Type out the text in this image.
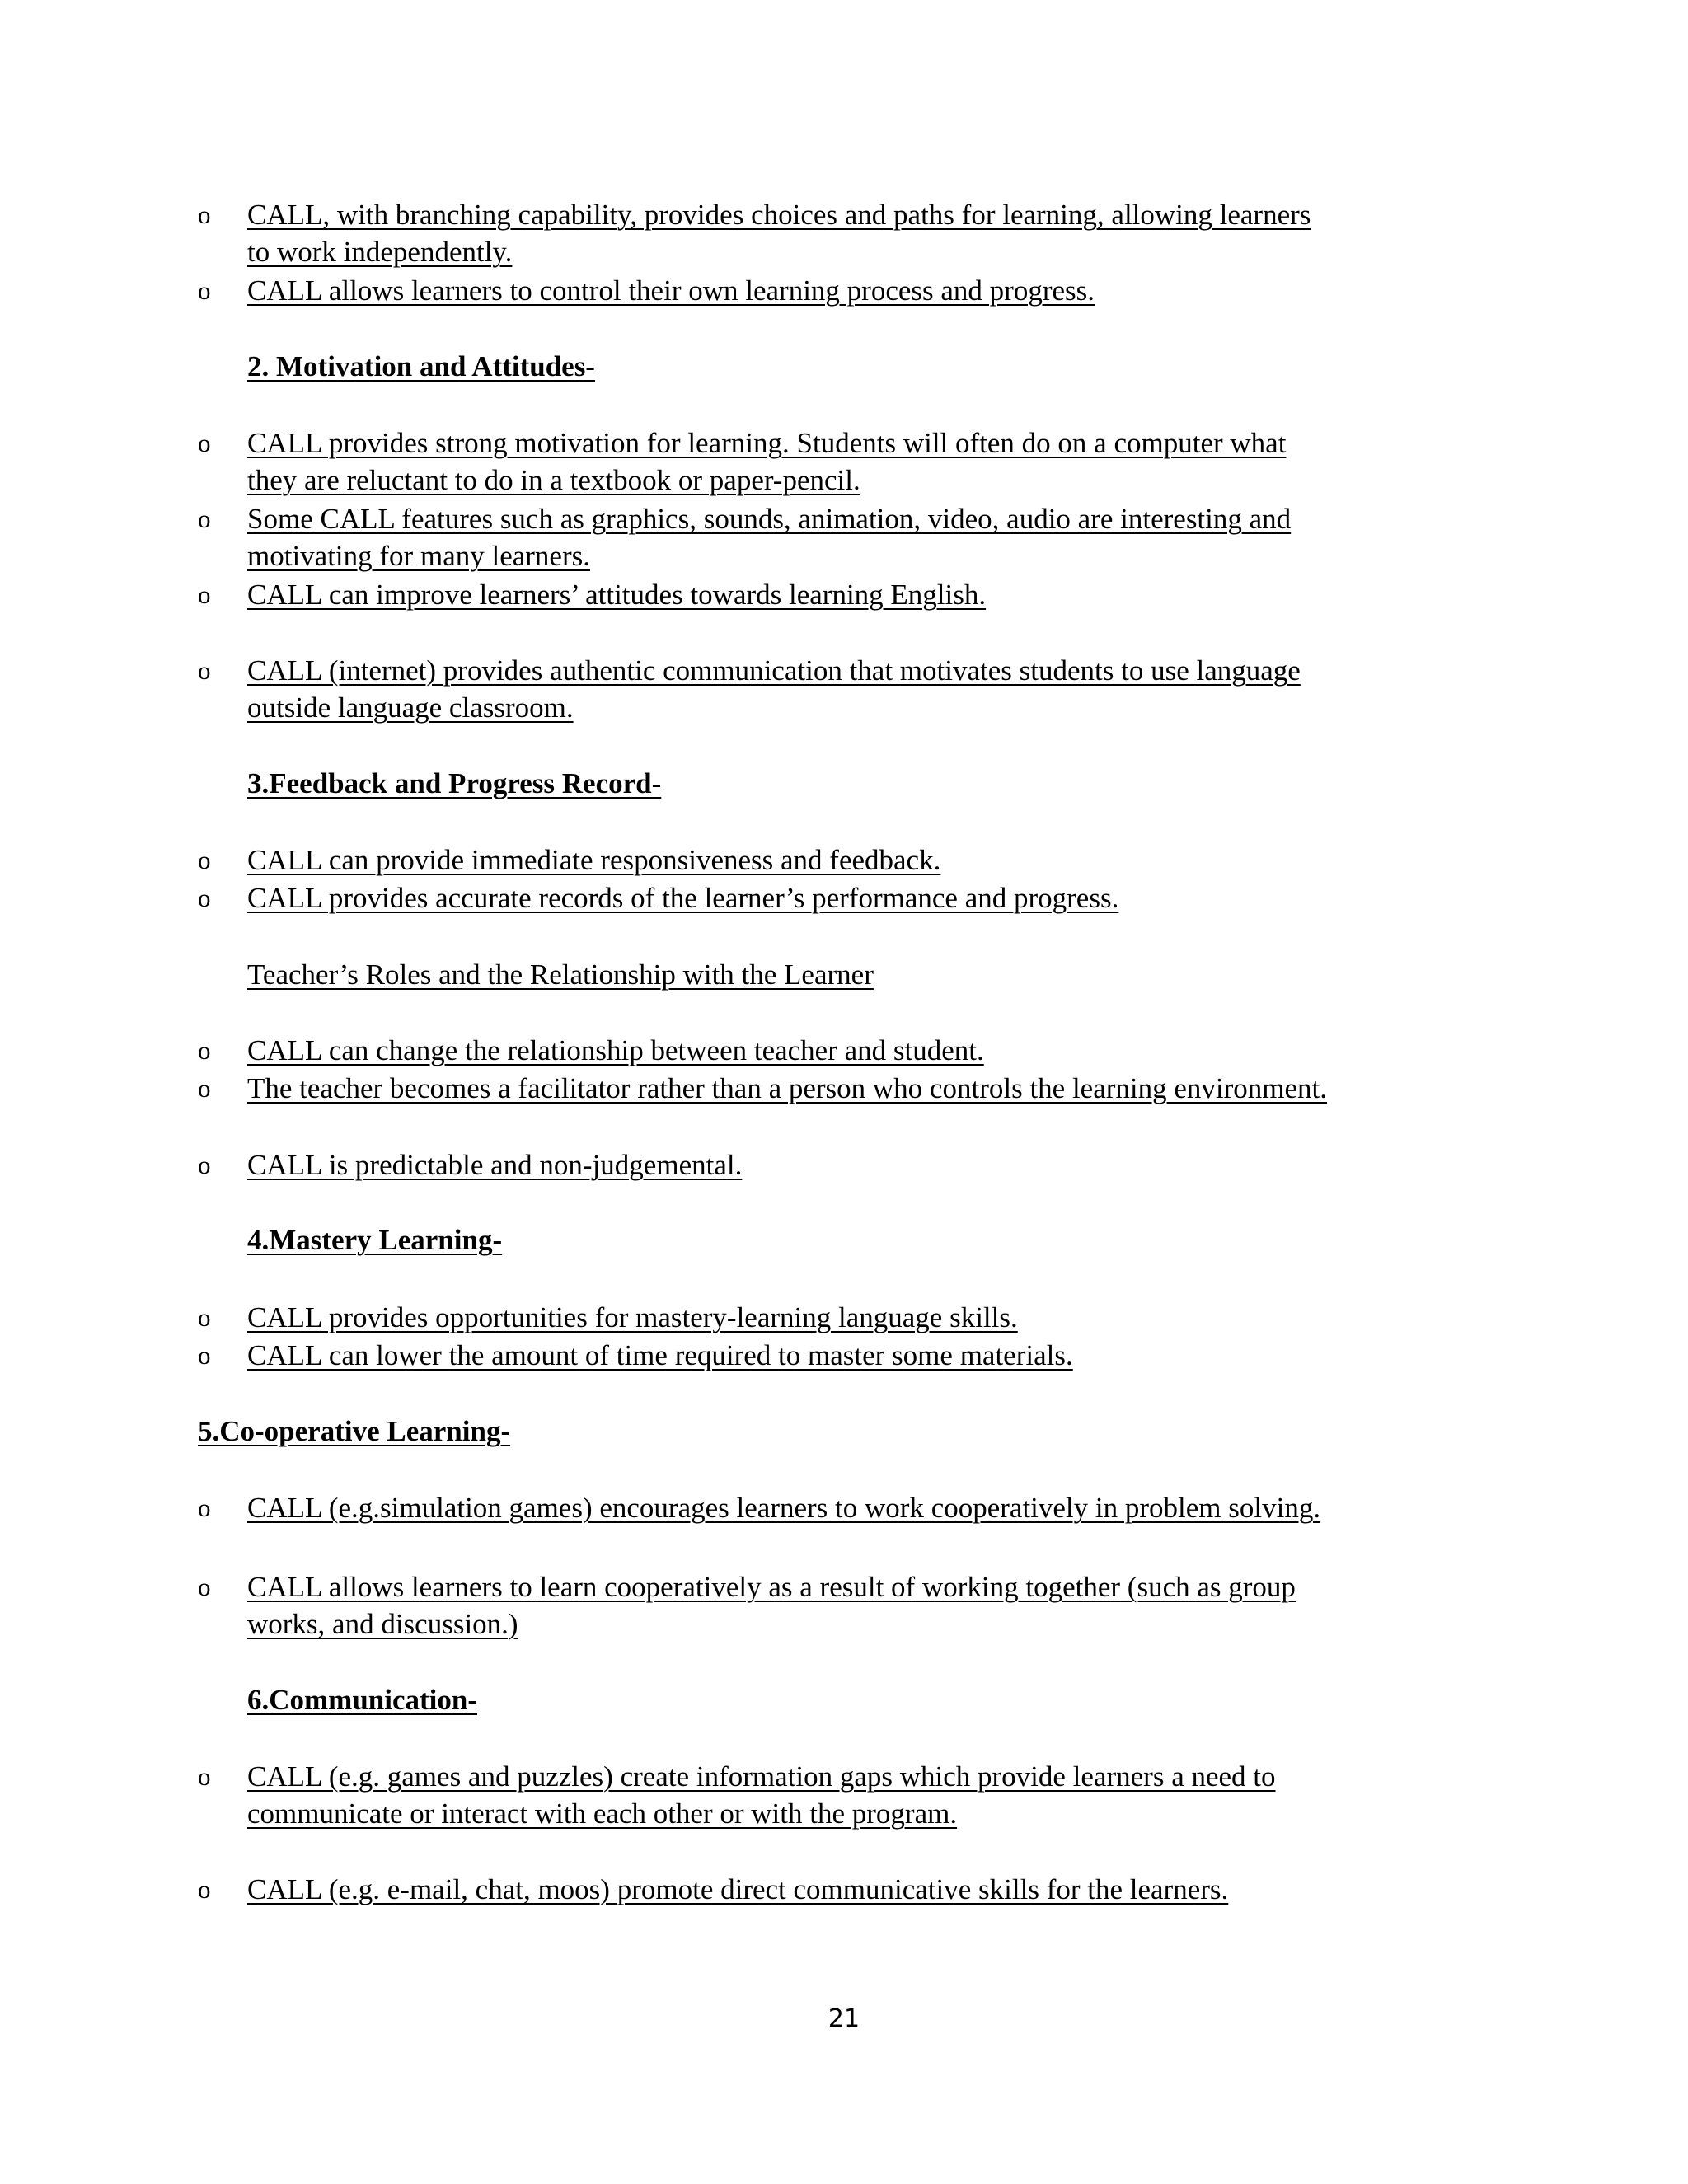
o CALL, with branching capability, provides choices and paths for learning, allowing learners
to work independently.
o CALL allows learners to control their own learning process and progress.
2. Motivation and Attitudes-
o CALL provides strong motivation for learning. Students will often do on a computer what
they are reluctant to do in a textbook or paper-pencil.
o Some CALL features such as graphics, sounds, animation, video, audio are interesting and
motivating for many learners.
o CALL can improve learners’ attitudes towards learning English.
o CALL (internet) provides authentic communication that motivates students to use language
outside language classroom.
3.Feedback and Progress Record-
o CALL can provide immediate responsiveness and feedback.
o CALL provides accurate records of the learner’s performance and progress.
Teacher’s Roles and the Relationship with the Learner
o CALL can change the relationship between teacher and student.
o The teacher becomes a facilitator rather than a person who controls the learning environment.
o CALL is predictable and non-judgemental.
4.Mastery Learning-
o CALL provides opportunities for mastery-learning language skills.
o CALL can lower the amount of time required to master some materials.
5.Co-operative Learning-
o CALL (e.g.simulation games) encourages learners to work cooperatively in problem solving.
o CALL allows learners to learn cooperatively as a result of working together (such as group
works, and discussion.)
6.Communication-
o CALL (e.g. games and puzzles) create information gaps which provide learners a need to
communicate or interact with each other or with the program.
o CALL (e.g. e-mail, chat, moos) promote direct communicative skills for the learners.
21
